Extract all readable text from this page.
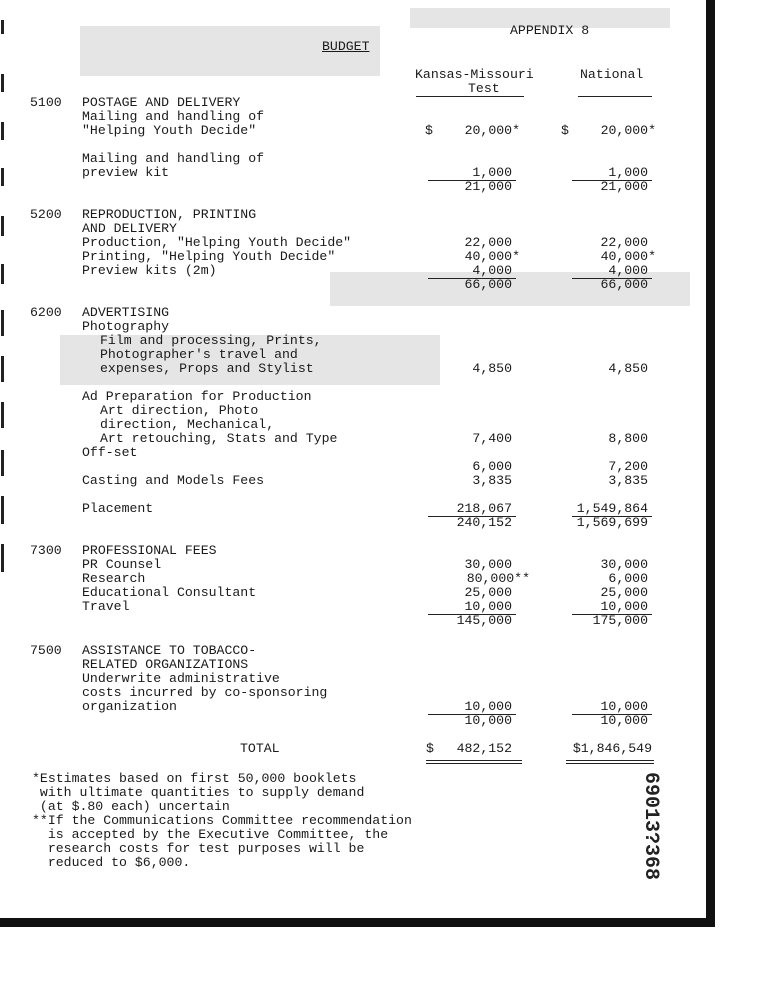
APPENDIX 8
BUDGET
Kansas-Missouri
Test
National
5100 POSTAGE AND DELIVERY
Mailing and handling of
"Helping Youth Decide"	$    20,000*	$    20,000*
Mailing and handling of
preview kit	1,000	1,000
21,000	21,000
5200 REPRODUCTION, PRINTING
AND DELIVERY
Production, "Helping Youth Decide"	22,000	22,000
Printing, "Helping Youth Decide"	40,000*	40,000*
Preview kits (2m)	4,000	4,000
66,000	66,000
6200 ADVERTISING
Photography
Film and processing, Prints,
Photographer's travel and
expenses, Props and Stylist	4,850	4,850
Ad Preparation for Production
Art direction, Photo
direction, Mechanical,
Art retouching, Stats and Type	7,400	8,800
Off-set
6,000	7,200
Casting and Models Fees	3,835	3,835
Placement	218,067	1,549,864
240,152	1,569,699
7300 PROFESSIONAL FEES
PR Counsel	30,000	30,000
Research	80,000**	6,000
Educational Consultant	25,000	25,000
Travel	10,000	10,000
145,000	175,000
7500 ASSISTANCE TO TOBACCO-
RELATED ORGANIZATIONS
Underwrite administrative
costs incurred by co-sponsoring
organization	10,000	10,000
10,000	10,000
TOTAL	$	482,152	$1,846,549
*Estimates based on first 50,000 booklets
with ultimate quantities to supply demand
(at $.80 each) uncertain
**If the Communications Committee recommendation
is accepted by the Executive Committee, the
research costs for test purposes will be
reduced to $6,000.	69013?368
